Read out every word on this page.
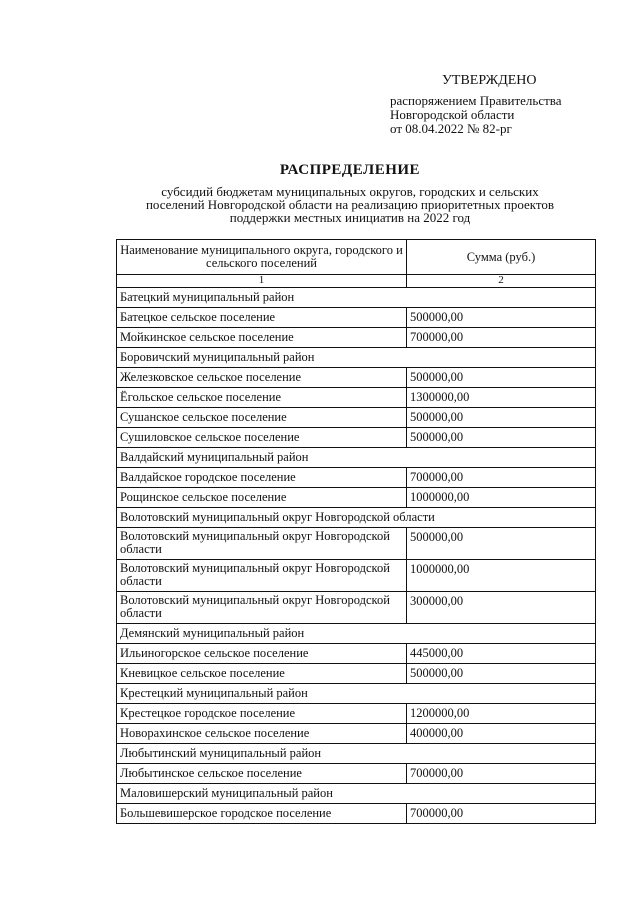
УТВЕРЖДЕНО
распоряжением Правительства
Новгородской области
от 08.04.2022 № 82-рг
РАСПРЕДЕЛЕНИЕ
субсидий бюджетам муниципальных округов, городских и сельских
поселений Новгородской области на реализацию приоритетных проектов
поддержки местных инициатив на 2022 год
Наименование муниципального округа, городского и сельского поселений	Сумма (руб.)
1	2
Батецкий муниципальный район	
Батецкое сельское поселение	500000,00
Мойкинское сельское поселение	700000,00
Боровичский муниципальный район	
Железковское сельское поселение	500000,00
Ёгольское сельское поселение	1300000,00
Сушанское сельское поселение	500000,00
Сушиловское сельское поселение	500000,00
Валдайский муниципальный район	
Валдайское городское поселение	700000,00
Рощинское сельское поселение	1000000,00
Волотовский муниципальный округ Новгородской области	
Волотовский муниципальный округ Новгородской области	500000,00
Волотовский муниципальный округ Новгородской области	1000000,00
Волотовский муниципальный округ Новгородской области	300000,00
Демянский муниципальный район	
Ильиногорское сельское поселение	445000,00
Кневицкое сельское поселение	500000,00
Крестецкий муниципальный район	
Крестецкое городское поселение	1200000,00
Новорахинское сельское поселение	400000,00
Любытинский муниципальный район	
Любытинское сельское поселение	700000,00
Маловишерский муниципальный район	
Большевишерское городское поселение	700000,00
